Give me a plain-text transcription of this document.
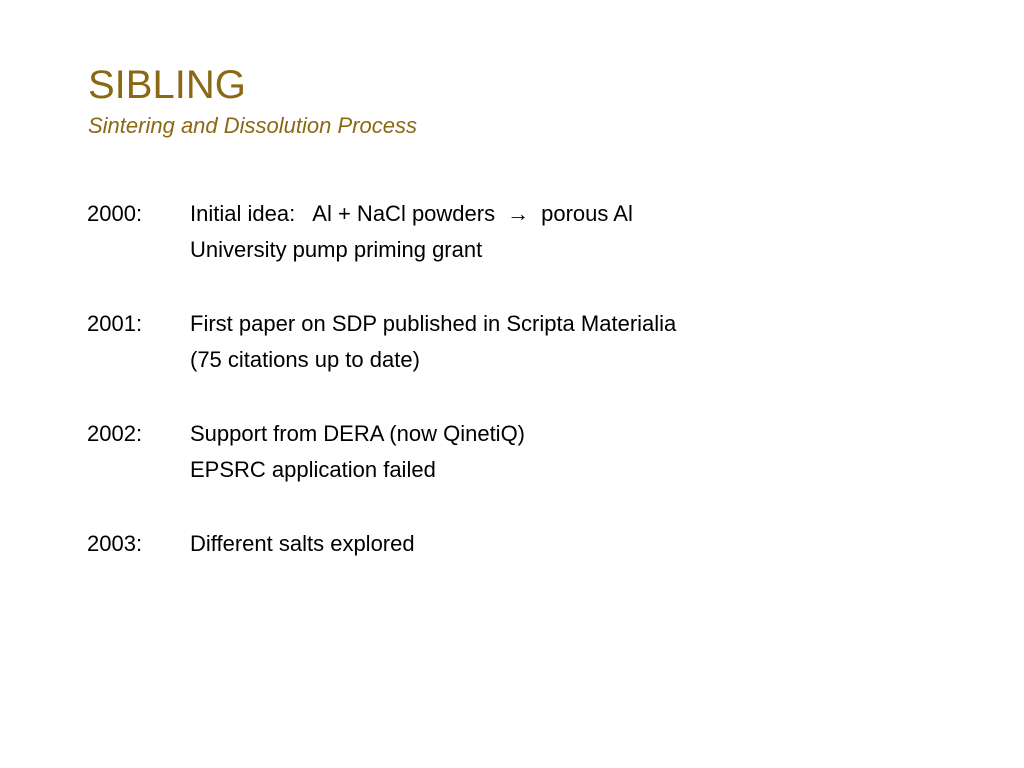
SIBLING
Sintering and Dissolution Process
2000: Initial idea:   Al + NaCl powders → porous Al
University pump priming grant
2001: First paper on SDP published in Scripta Materialia
(75 citations up to date)
2002: Support from DERA (now QinetiQ)
EPSRC application failed
2003: Different salts explored
